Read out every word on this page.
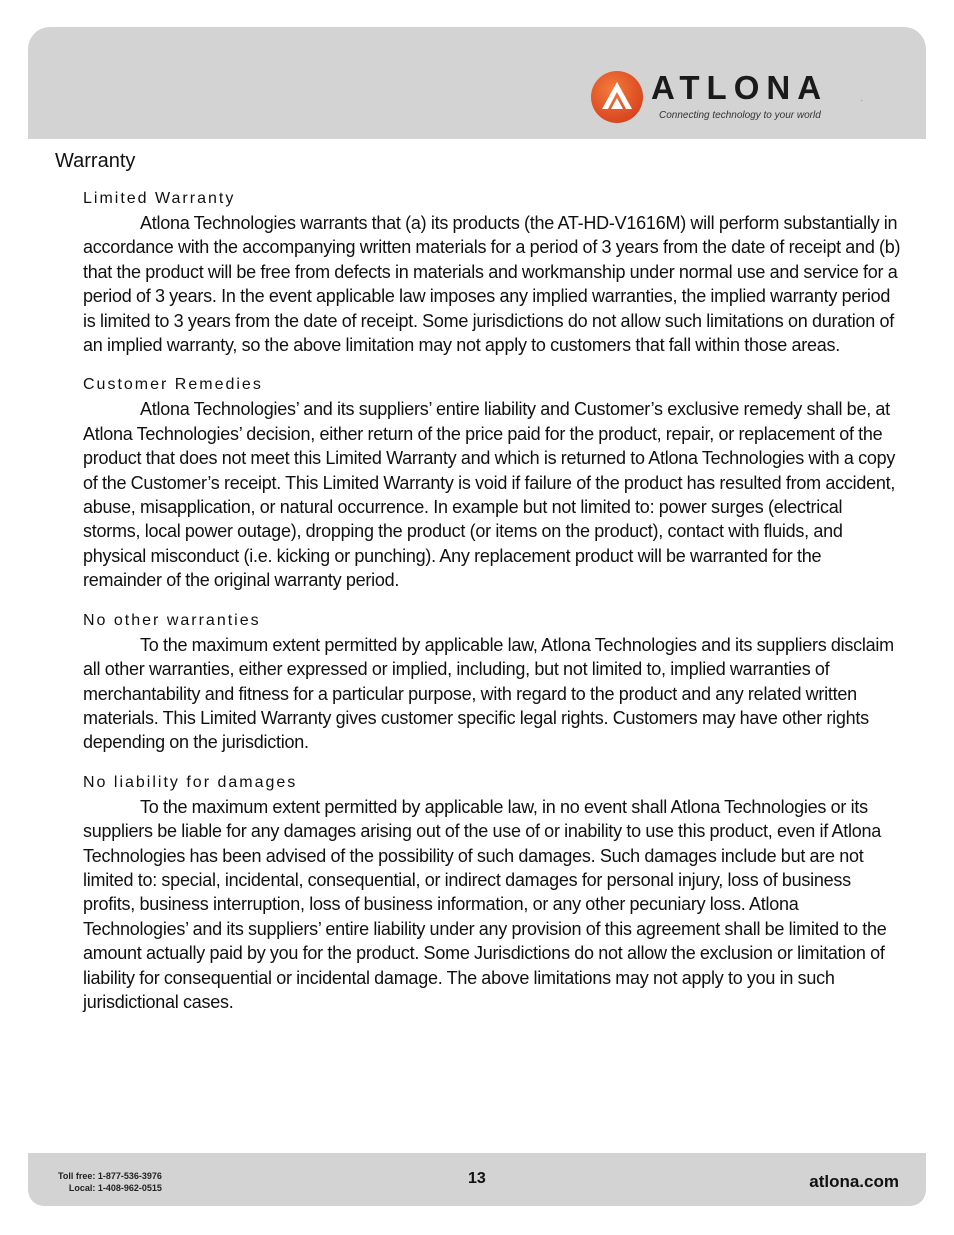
ATLONA	.
Connecting technology to your world
Warranty
Limited Warranty

Atlona Technologies warrants that (a) its products (the AT-HD-V1616M) will perform substantially in accordance with the accompanying written materials for a period of 3 years from the date of receipt and (b) that the product will be free from defects in materials and workmanship under normal use and service for a period of 3 years. In the event applicable law imposes any implied warranties, the implied warranty period is limited to 3 years from the date of receipt. Some jurisdictions do not allow such limitations on duration of an implied warranty, so the above limitation may not apply to customers that fall within those areas.

Customer Remedies

Atlona Technologies’ and its suppliers’ entire liability and Customer’s exclusive remedy shall be, at Atlona Technologies’ decision, either return of the price paid for the product, repair, or replacement of the product that does not meet this Limited Warranty and which is returned to Atlona Technologies with a copy of the Customer’s receipt. This Limited Warranty is void if failure of the product has resulted from accident, abuse, misapplication, or natural occurrence. In example but not limited to: power surges (electrical storms, local power outage), dropping the product (or items on the product), contact with fluids, and physical misconduct (i.e. kicking or punching). Any replacement product will be warranted for the remainder of the original warranty period.

No other warranties

To the maximum extent permitted by applicable law, Atlona Technologies and its suppliers disclaim all other warranties, either expressed or implied, including, but not limited to, implied warranties of merchantability and fitness for a particular purpose, with regard to the product and any related written materials. This Limited Warranty gives customer specific legal rights. Customers may have other rights depending on the jurisdiction.

No liability for damages

To the maximum extent permitted by applicable law, in no event shall Atlona Technologies or its suppliers be liable for any damages arising out of the use of or inability to use this product, even if Atlona Technologies has been advised of the possibility of such damages. Such damages include but are not limited to: special, incidental, consequential, or indirect damages for personal injury, loss of business profits, business interruption, loss of business information, or any other pecuniary loss. Atlona Technologies’ and its suppliers’ entire liability under any provision of this agreement shall be limited to the amount actually paid by you for the product. Some Jurisdictions do not allow the exclusion or limitation of liability for consequential or incidental damage. The above limitations may not apply to you in such jurisdictional cases.

Toll free: 1-877-536-3976
Local: 1-408-962-0515
13	atlona.com
